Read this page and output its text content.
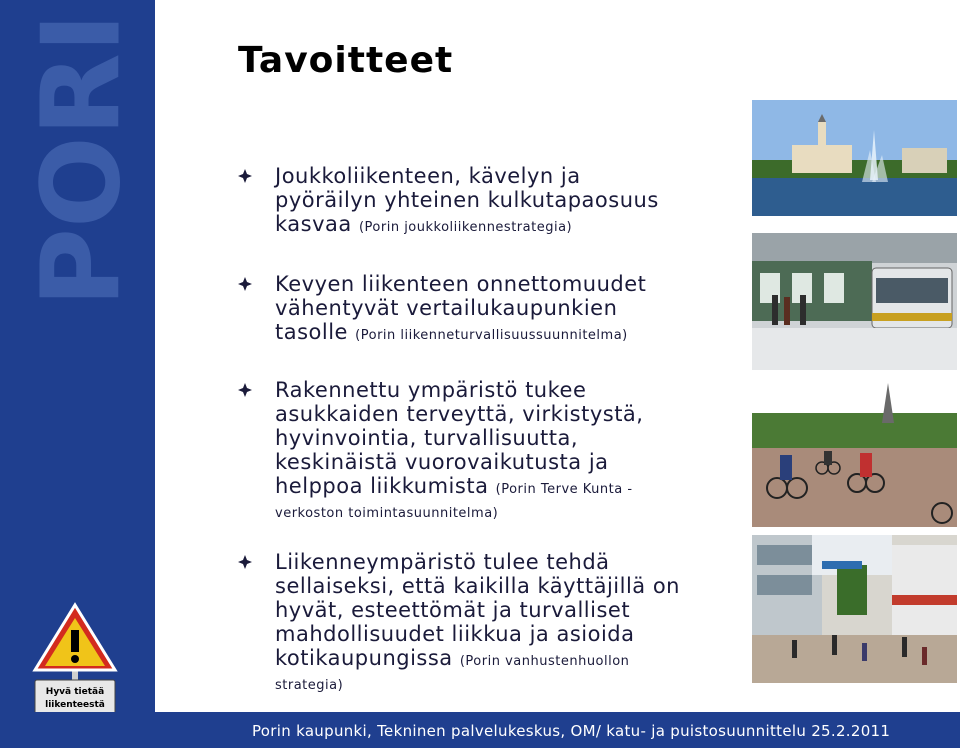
PORI
Hyvä tietää
liikenteestä
Tavoitteet
Joukkoliikenteen, kävelyn ja
pyöräilyn yhteinen kulkutapaosuus
kasvaa (Porin joukkoliikennestrategia)
Kevyen liikenteen onnettomuudet
vähentyvät vertailukaupunkien
tasolle (Porin liikenneturvallisuussuunnitelma)
Rakennettu ympäristö tukee
asukkaiden terveyttä, virkistystä,
hyvinvointia, turvallisuutta,
keskinäistä vuorovaikutusta ja
helppoa liikkumista (Porin Terve Kunta -
verkoston toimintasuunnitelma)
Liikenneympäristö tulee tehdä
sellaiseksi, että kaikilla käyttäjillä on
hyvät, esteettömät ja turvalliset
mahdollisuudet liikkua ja asioida
kotikaupungissa (Porin vanhustenhuollon
strategia)
Porin kaupunki, Tekninen palvelukeskus, OM/ katu- ja puistosuunnittelu 25.2.2011
